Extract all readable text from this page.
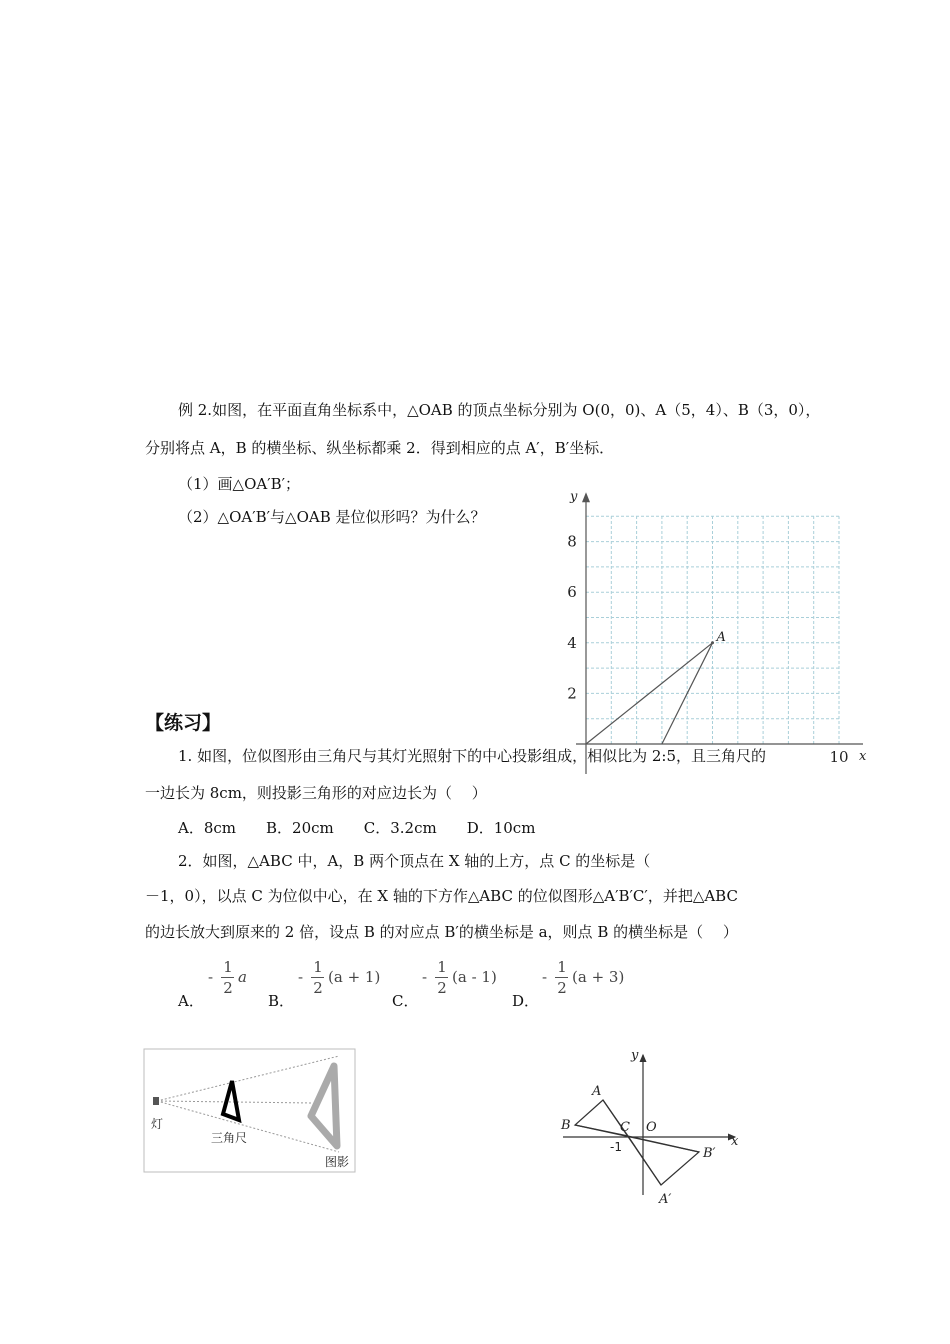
例 2.如图，在平面直角坐标系中，△OAB 的顶点坐标分别为 O(0，0)、A（5，4）、B（3，0），
分别将点 A，B 的横坐标、纵坐标都乘 2．得到相应的点 A′，B′坐标．
（1）画△OA′B′；
（2）△OA′B′与△OAB 是位似形吗？为什么？
y
x
2
4
6
8
10
A
【练习】
1. 如图，位似图形由三角尺与其灯光照射下的中心投影组成，相似比为 2:5，且三角尺的
一边长为 8cm，则投影三角形的对应边长为（　 ）
A．8cm　　B．20cm　　C．3.2cm　　D．10cm
2．如图，△ABC 中，A，B 两个顶点在 X 轴的上方，点 C 的坐标是（
－1，0），以点 C 为位似中心，在 X 轴的下方作△ABC 的位似图形△A′B′C′，并把△ABC
的边长放大到原来的 2 倍，设点 B 的对应点 B′的横坐标是 a，则点 B 的横坐标是（　 ）
A．
-
1
2
a
B．
-
1
2
(a + 1)
C．
-
1
2
(a - 1)
D．
-
1
2
(a + 3)
灯
三角尺
图影
y
x
A
B	C O
-1
A′
B′
